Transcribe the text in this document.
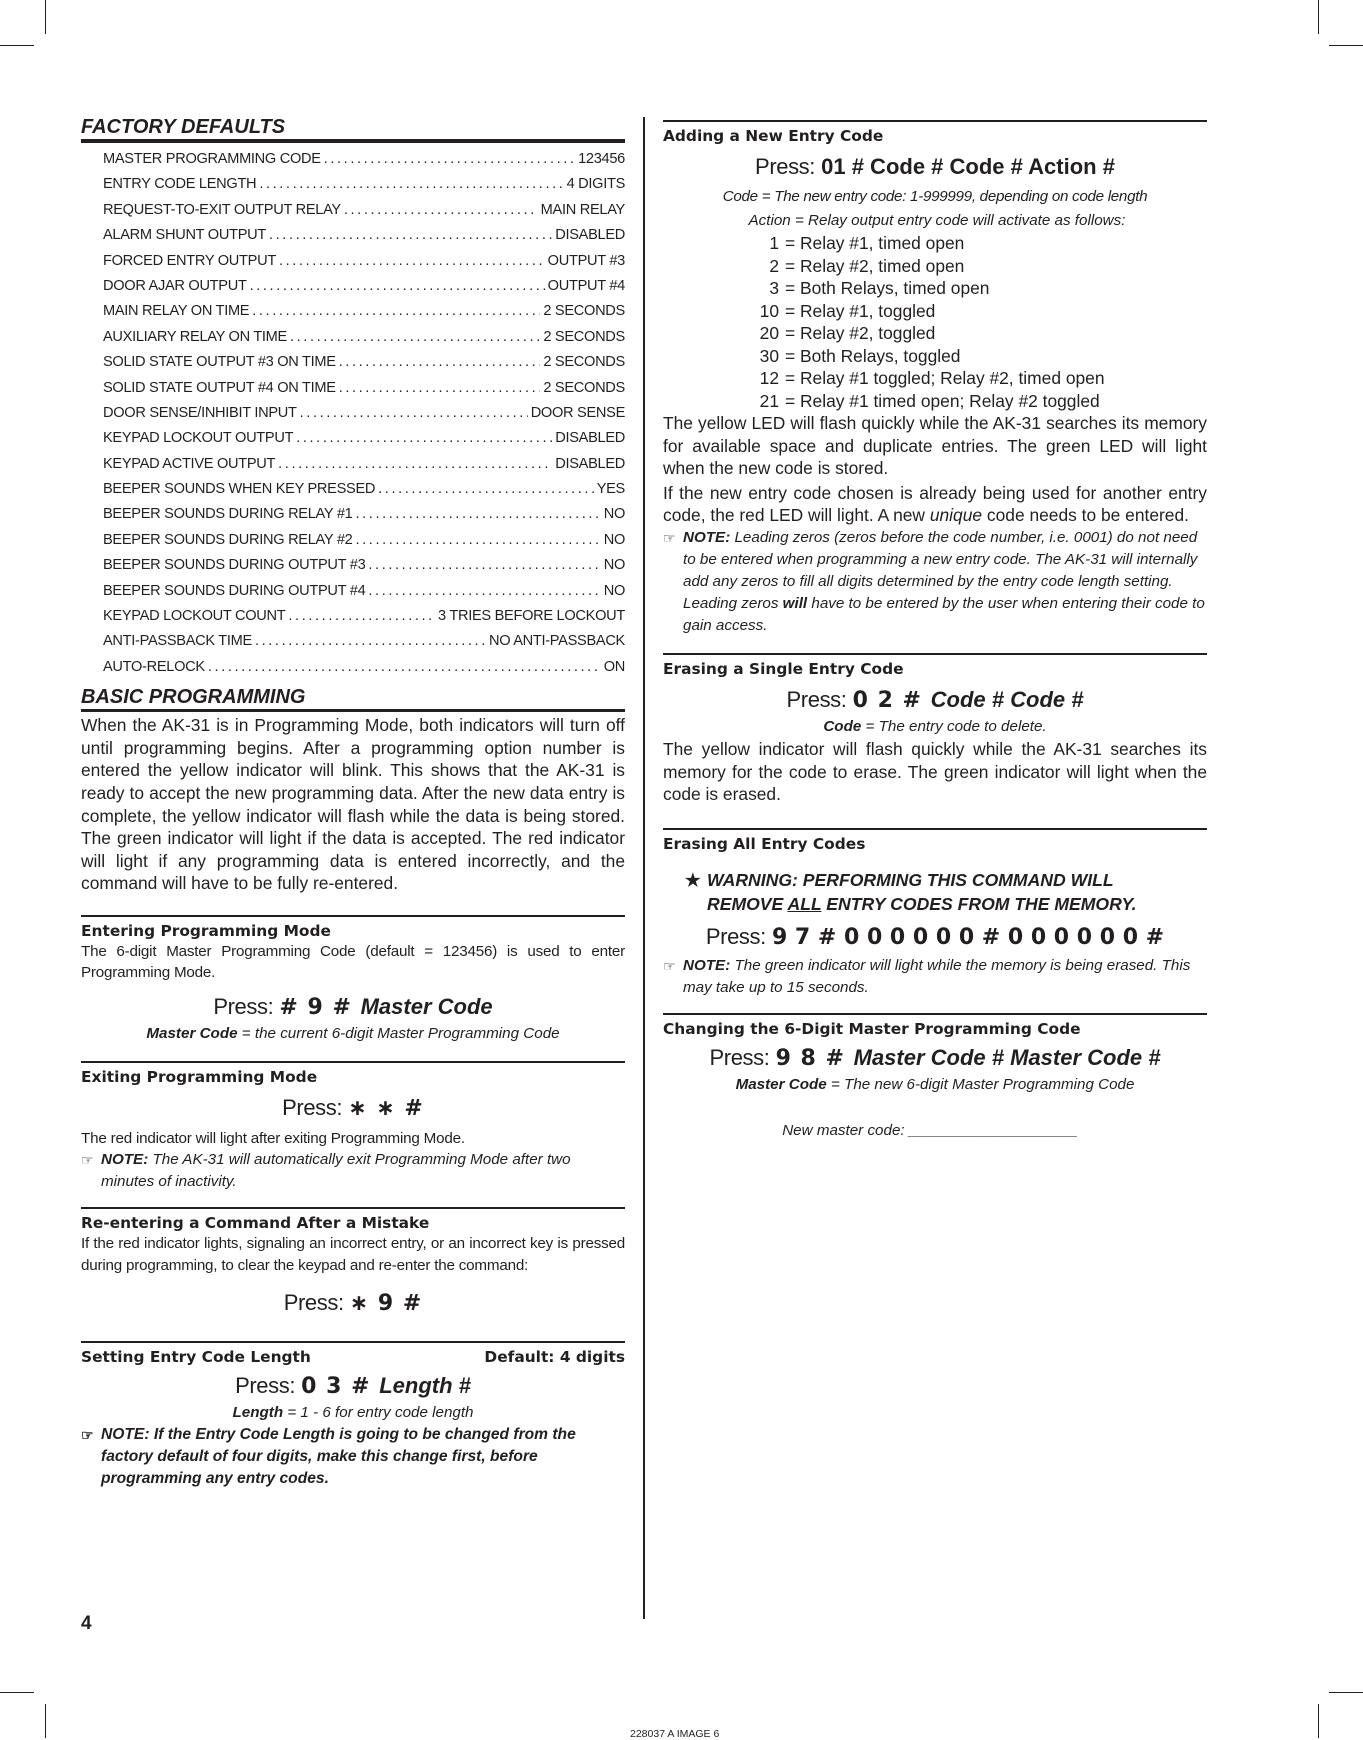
FACTORY DEFAULTS
MASTER PROGRAMMING CODE .....	123456
ENTRY CODE LENGTH .....	4 DIGITS
REQUEST-TO-EXIT OUTPUT RELAY .....	MAIN RELAY
ALARM SHUNT OUTPUT .....	DISABLED
FORCED ENTRY OUTPUT .....	OUTPUT #3
DOOR AJAR OUTPUT .....	OUTPUT #4
MAIN RELAY ON TIME .....	2 SECONDS
AUXILIARY RELAY ON TIME .....	2 SECONDS
SOLID STATE OUTPUT #3 ON TIME .....	2 SECONDS
SOLID STATE OUTPUT #4 ON TIME .....	2 SECONDS
DOOR SENSE/INHIBIT INPUT .....	DOOR SENSE
KEYPAD LOCKOUT OUTPUT .....	DISABLED
KEYPAD ACTIVE OUTPUT .....	DISABLED
BEEPER SOUNDS WHEN KEY PRESSED .....	YES
BEEPER SOUNDS DURING RELAY #1 .....	NO
BEEPER SOUNDS DURING RELAY #2 .....	NO
BEEPER SOUNDS DURING OUTPUT #3 .....	NO
BEEPER SOUNDS DURING OUTPUT #4 .....	NO
KEYPAD LOCKOUT COUNT .....	3 TRIES BEFORE LOCKOUT
ANTI-PASSBACK TIME .....	NO ANTI-PASSBACK
AUTO-RELOCK .....	ON
BASIC PROGRAMMING

When the AK-31 is in Programming Mode, both indicators will turn off until programming begins. After a programming option number is entered the yellow indicator will blink. This shows that the AK-31 is ready to accept the new programming data. After the new data entry is complete, the yellow indicator will flash while the data is being stored. The green indicator will light if the data is accepted. The red indicator will light if any programming data is entered incorrectly, and the command will have to be fully re-entered.

Entering Programming Mode

The 6-digit Master Programming Code (default = 123456) is used to enter Programming Mode.

Press: # 9 # Master Code
Master Code = the current 6-digit Master Programming Code
Exiting Programming Mode
Press: ∗ ∗ #

The red indicator will light after exiting Programming Mode.

☞ NOTE: The AK-31 will automatically exit Programming Mode after two minutes of inactivity.
Re-entering a Command After a Mistake

If the red indicator lights, signaling an incorrect entry, or an incorrect key is pressed during programming, to clear the keypad and re-enter the command:

Press: ∗ 9 #
Setting Entry Code Length	Default: 4 digits
Press: 0 3 # Length #
Length = 1 - 6 for entry code length
☞ NOTE: If the Entry Code Length is going to be changed from the factory default of four digits, make this change first, before programming any entry codes.
4
Adding a New Entry Code
Press: 01 # Code # Code # Action #
Code = The new entry code: 1-999999, depending on code length
Action = Relay output entry code will activate as follows:
1 = Relay #1, timed open
2 = Relay #2, timed open
3 = Both Relays, timed open
10 = Relay #1, toggled
20 = Relay #2, toggled
30 = Both Relays, toggled
12 = Relay #1 toggled; Relay #2, timed open
21 = Relay #1 timed open; Relay #2 toggled

The yellow LED will flash quickly while the AK-31 searches its memory for available space and duplicate entries. The green LED will light when the new code is stored.

If the new entry code chosen is already being used for another entry code, the red LED will light. A new unique code needs to be entered.

☞ NOTE: Leading zeros (zeros before the code number, i.e. 0001) do not need to be entered when programming a new entry code. The AK-31 will internally add any zeros to fill all digits determined by the entry code length setting. Leading zeros will have to be entered by the user when entering their code to gain access.
Erasing a Single Entry Code
Press: 0 2 # Code # Code #
Code = The entry code to delete.

The yellow indicator will flash quickly while the AK-31 searches its memory for the code to erase. The green indicator will light when the code is erased.

Erasing All Entry Codes
★ WARNING: PERFORMING THIS COMMAND WILL
REMOVE ALL ENTRY CODES FROM THE MEMORY.
Press: 9 7 # 0 0 0 0 0 0 # 0 0 0 0 0 0 #
☞ NOTE: The green indicator will light while the memory is being erased. This may take up to 15 seconds.
Changing the 6-Digit Master Programming Code
Press: 9 8 # Master Code # Master Code #
Master Code = The new 6-digit Master Programming Code
New master code: ____________________
228037 A IMAGE 6
